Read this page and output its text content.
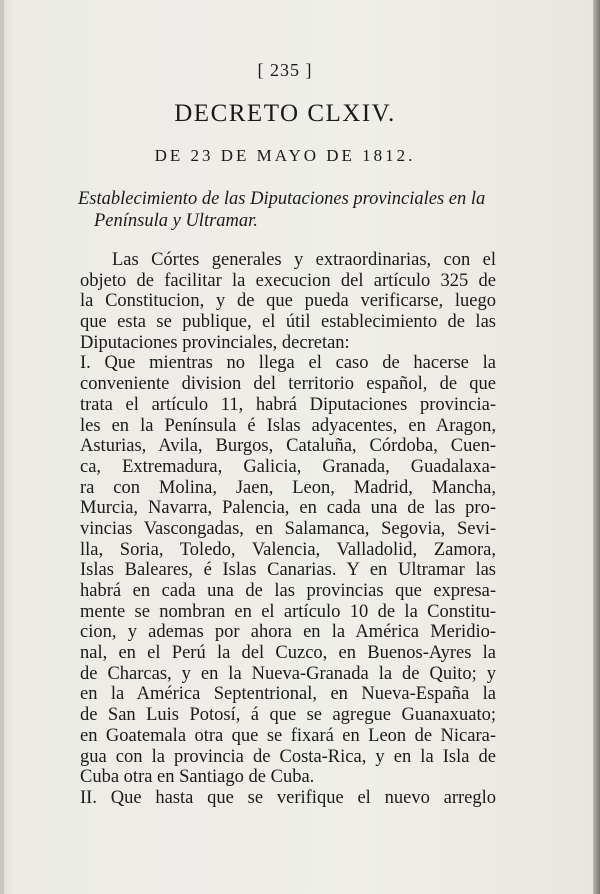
[ 235 ]
DECRETO CLXIV.
DE 23 DE MAYO DE 1812.
Establecimiento de las Diputaciones provinciales en la
Península y Ultramar.
Las Córtes generales y extraordinarias, con el
objeto de facilitar la execucion del artículo 325 de
la Constitucion, y de que pueda verificarse, luego
que esta se publique, el útil establecimiento de las
Diputaciones provinciales, decretan:
I. Que mientras no llega el caso de hacerse la
conveniente division del territorio español, de que
trata el artículo 11, habrá Diputaciones provincia-
les en la Península é Islas adyacentes, en Aragon,
Asturias, Avila, Burgos, Cataluña, Córdoba, Cuen-
ca, Extremadura, Galicia, Granada, Guadalaxa-
ra con Molina, Jaen, Leon, Madrid, Mancha,
Murcia, Navarra, Palencia, en cada una de las pro-
vincias Vascongadas, en Salamanca, Segovia, Sevi-
lla, Soria, Toledo, Valencia, Valladolid, Zamora,
Islas Baleares, é Islas Canarias. Y en Ultramar las
habrá en cada una de las provincias que expresa-
mente se nombran en el artículo 10 de la Constitu-
cion, y ademas por ahora en la América Meridio-
nal, en el Perú la del Cuzco, en Buenos-Ayres la
de Charcas, y en la Nueva-Granada la de Quito; y
en la América Septentrional, en Nueva-España la
de San Luis Potosí, á que se agregue Guanaxuato;
en Goatemala otra que se fixará en Leon de Nicara-
gua con la provincia de Costa-Rica, y en la Isla de
Cuba otra en Santiago de Cuba.
II. Que hasta que se verifique el nuevo arreglo
